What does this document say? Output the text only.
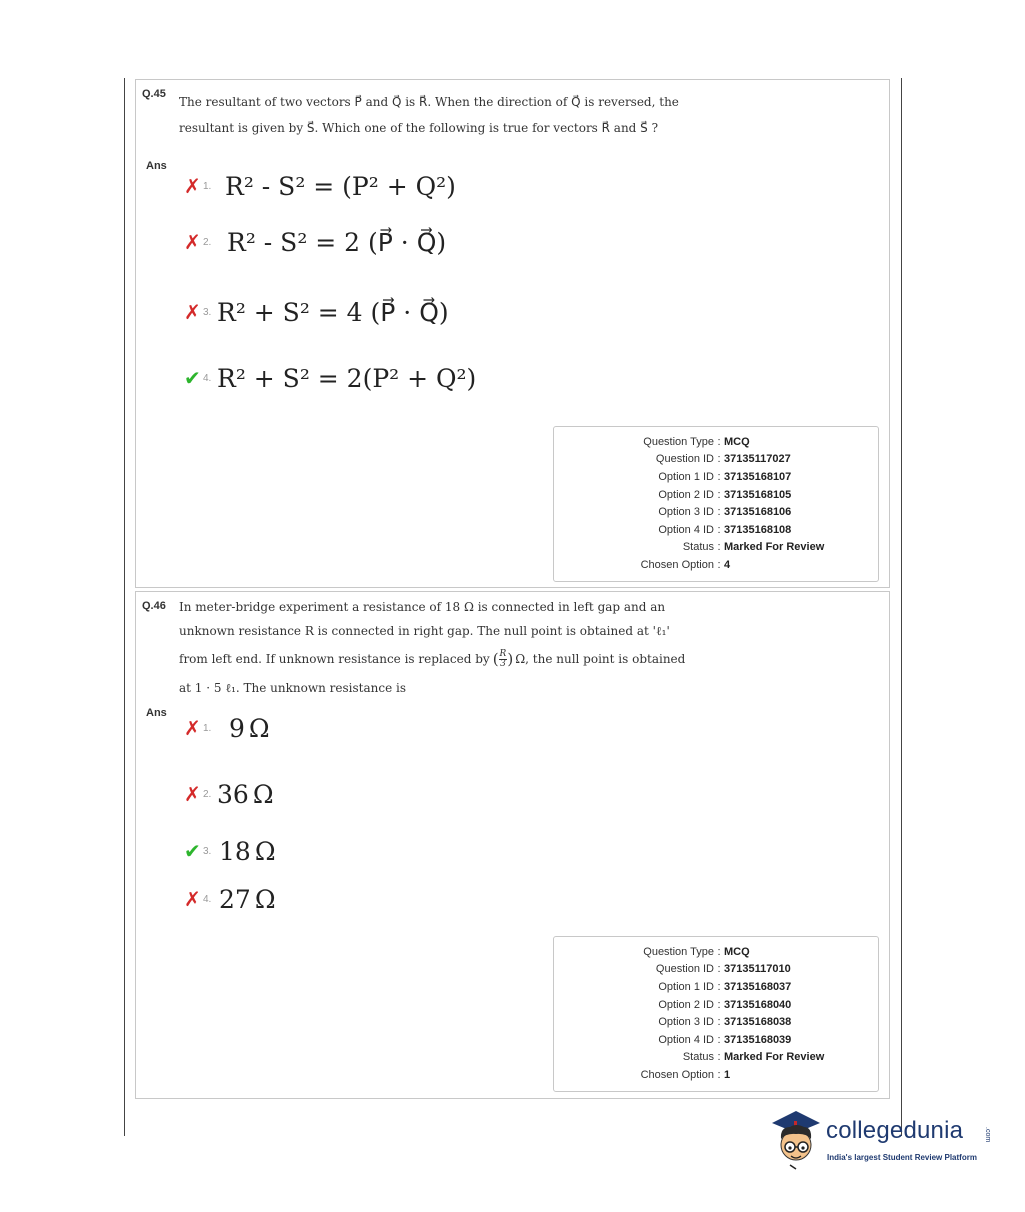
Q.45
The resultant of two vectors P⃗ and Q⃗ is R⃗. When the direction of Q⃗ is reversed, the
resultant is given by S⃗. Which one of the following is true for vectors R⃗ and S⃗ ?
Ans
✗ 1. R² - S² = (P² + Q²)
✗ 2. R² - S² = 2 (P⃗ · Q⃗)
✗ 3. R² + S² = 4 (P⃗ · Q⃗)
✔ 4. R² + S² = 2(P² + Q²)
Question Type : MCQ
Question ID : 37135117027
Option 1 ID : 37135168107
Option 2 ID : 37135168105
Option 3 ID : 37135168106
Option 4 ID : 37135168108
Status : Marked For Review
Chosen Option : 4
Q.46 In meter-bridge experiment a resistance of 18 Ω is connected in left gap and an
unknown resistance R is connected in right gap. The null point is obtained at 'ℓ₁'
from left end. If unknown resistance is replaced by ( R
3 ) Ω, the null point is obtained
at 1 · 5 ℓ₁. The unknown resistance is
Ans
✗ 1. 9 Ω
✗ 2. 36 Ω
✔ 3. 18 Ω
✗ 4. 27 Ω
Question Type : MCQ
Question ID : 37135117010
Option 1 ID : 37135168037
Option 2 ID : 37135168040
Option 3 ID : 37135168038
Option 4 ID : 37135168039
Status : Marked For Review
Chosen Option : 1
collegedunia	.com
India's largest Student Review Platform
